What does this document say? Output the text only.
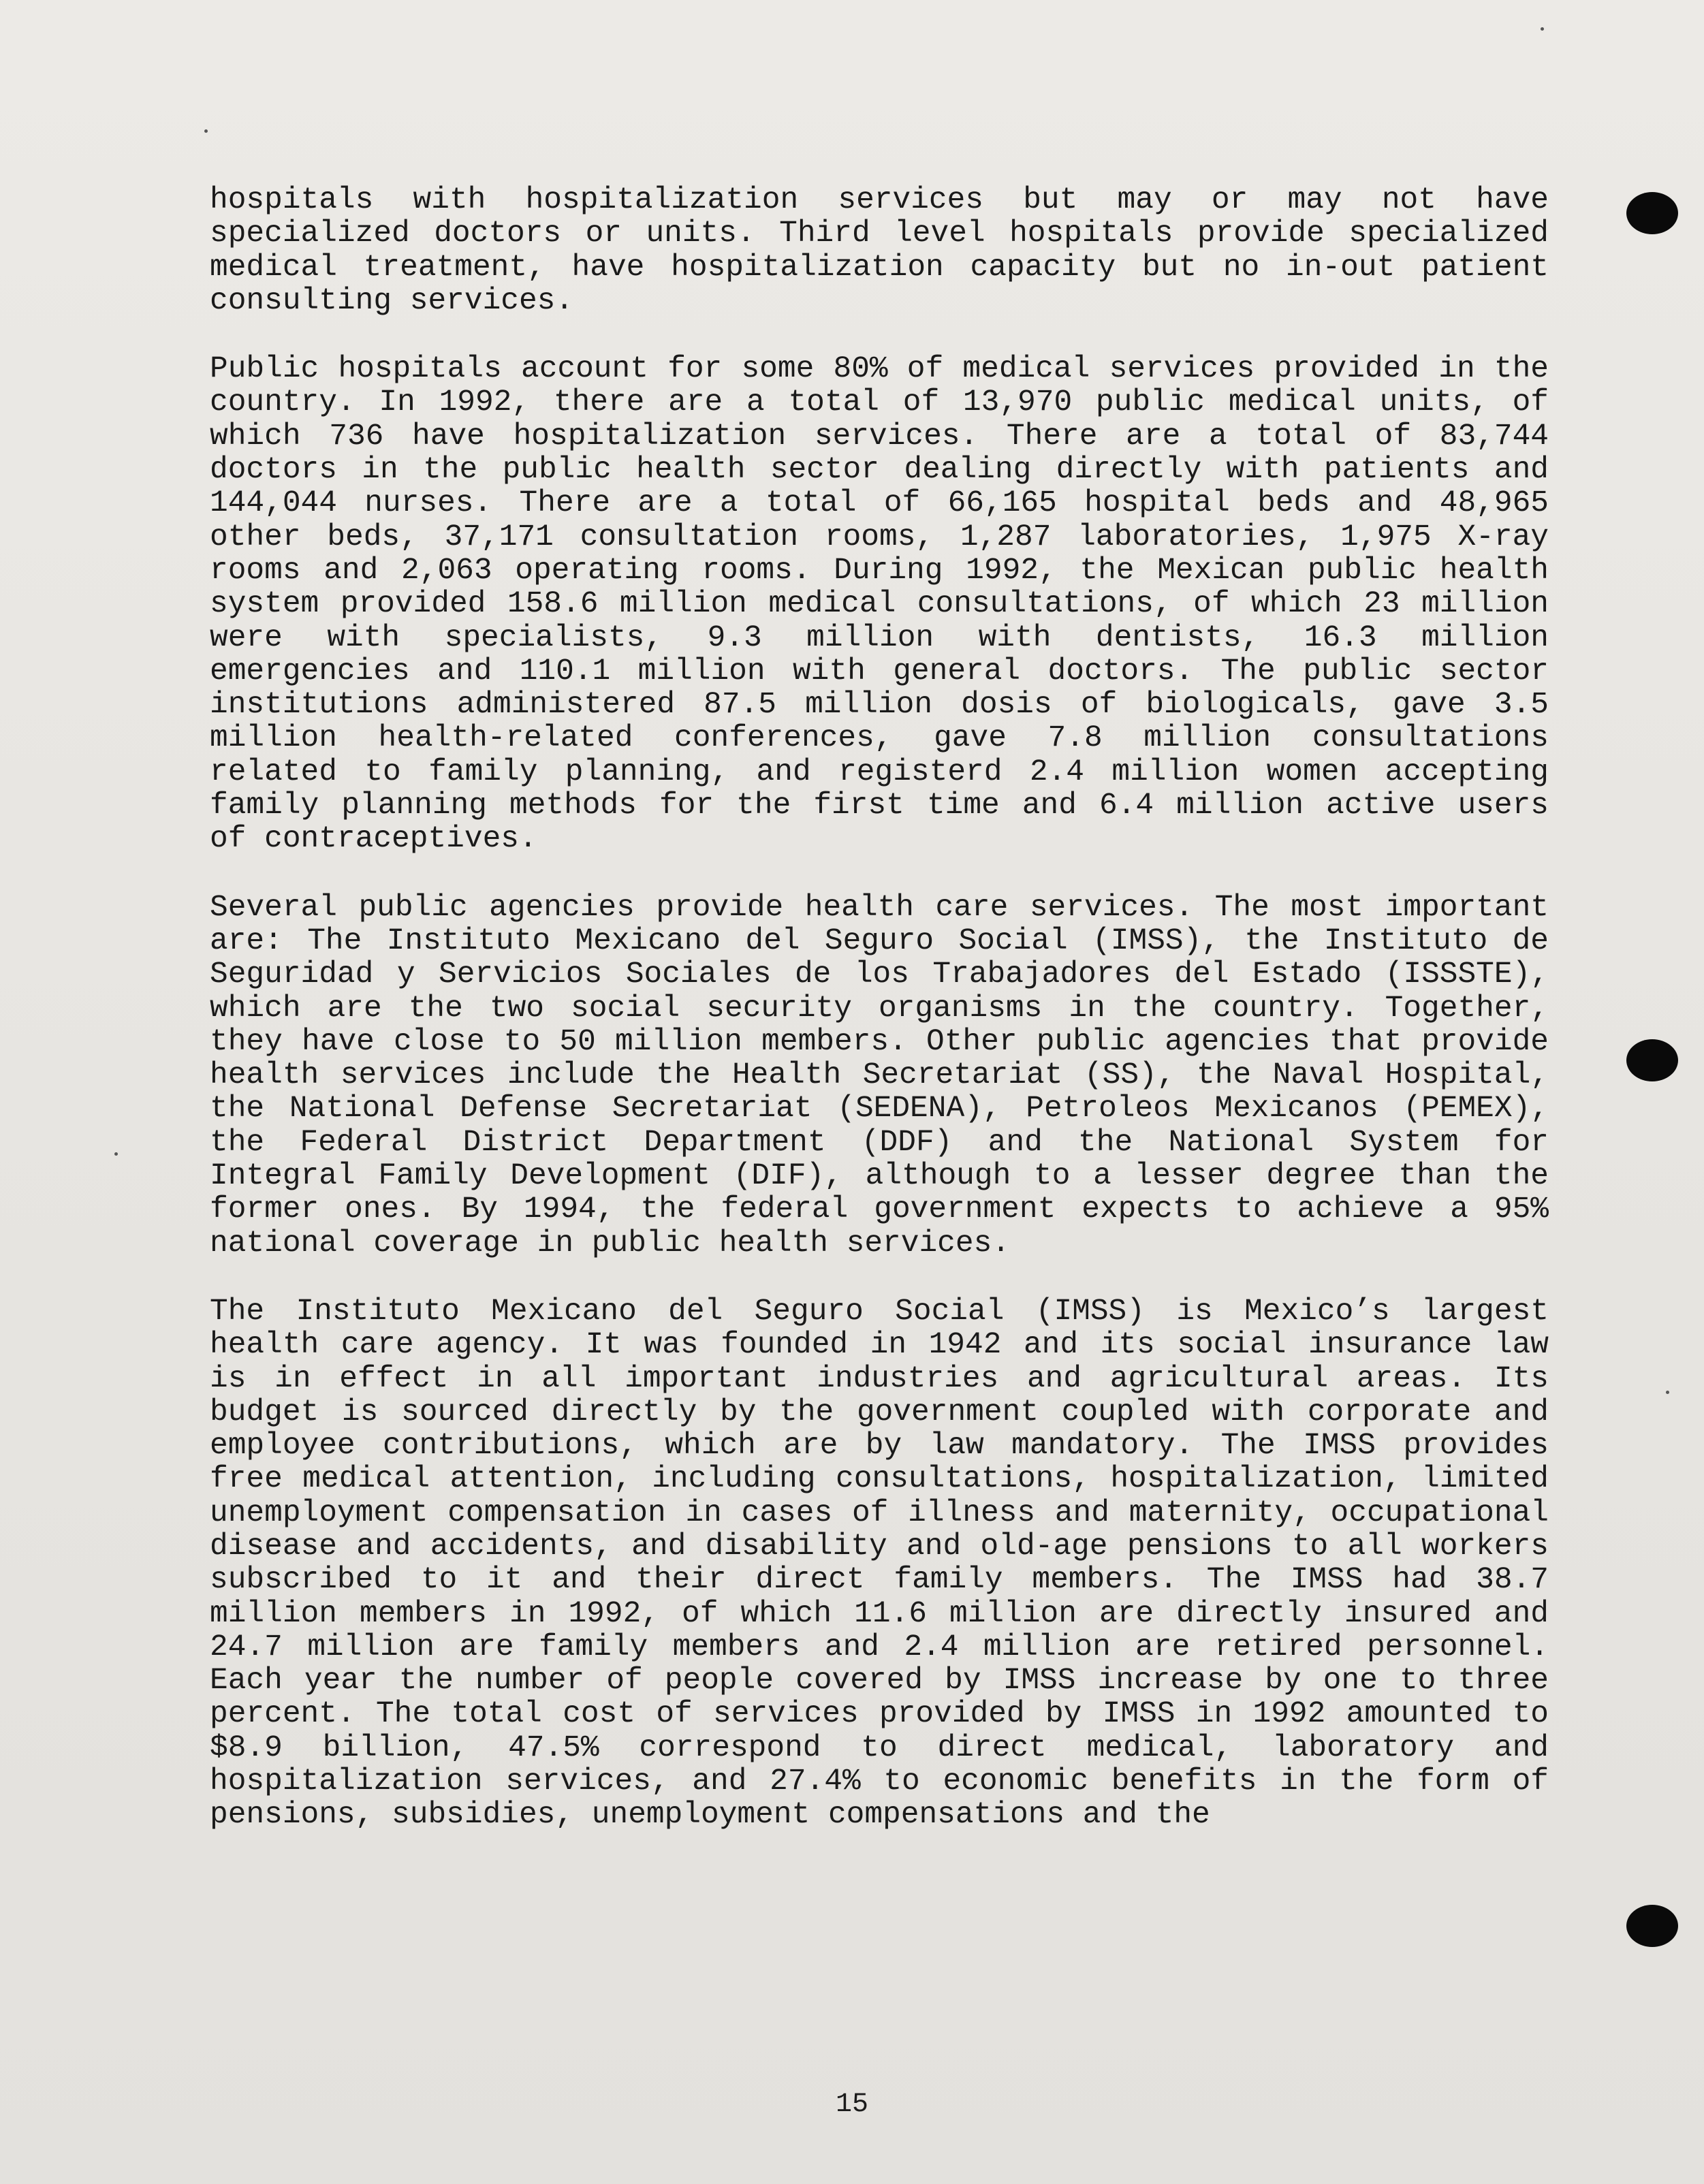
hospitals with hospitalization services but may or may not have specialized doctors or units. Third level hospitals provide specialized medical treatment, have hospitalization capacity but no in-out patient consulting services.

Public hospitals account for some 80% of medical services provided in the country. In 1992, there are a total of 13,970 public medical units, of which 736 have hospitalization services. There are a total of 83,744 doctors in the public health sector dealing directly with patients and 144,044 nurses. There are a total of 66,165 hospital beds and 48,965 other beds, 37,171 consultation rooms, 1,287 laboratories, 1,975 X-ray rooms and 2,063 operating rooms. During 1992, the Mexican public health system provided 158.6 million medical consultations, of which 23 million were with specialists, 9.3 million with dentists, 16.3 million emergencies and 110.1 million with general doctors. The public sector institutions administered 87.5 million dosis of biologicals, gave 3.5 million health-related conferences, gave 7.8 million consultations related to family planning, and registerd 2.4 million women accepting family planning methods for the first time and 6.4 million active users of contraceptives.

Several public agencies provide health care services. The most important are: The Instituto Mexicano del Seguro Social (IMSS), the Instituto de Seguridad y Servicios Sociales de los Trabajadores del Estado (ISSSTE), which are the two social security organisms in the country. Together, they have close to 50 million members. Other public agencies that provide health services include the Health Secretariat (SS), the Naval Hospital, the National Defense Secretariat (SEDENA), Petroleos Mexicanos (PEMEX), the Federal District Department (DDF) and the National System for Integral Family Development (DIF), although to a lesser degree than the former ones. By 1994, the federal government expects to achieve a 95% national coverage in public health services.

The Instituto Mexicano del Seguro Social (IMSS) is Mexico’s largest health care agency. It was founded in 1942 and its social insurance law is in effect in all important industries and agricultural areas. Its budget is sourced directly by the government coupled with corporate and employee contributions, which are by law mandatory. The IMSS provides free medical attention, including consultations, hospitalization, limited unemployment compensation in cases of illness and maternity, occupational disease and accidents, and disability and old-age pensions to all workers subscribed to it and their direct family members. The IMSS had 38.7 million members in 1992, of which 11.6 million are directly insured and 24.7 million are family members and 2.4 million are retired personnel. Each year the number of people covered by IMSS increase by one to three percent. The total cost of services provided by IMSS in 1992 amounted to $8.9 billion, 47.5% correspond to direct medical, laboratory and hospitalization services, and 27.4% to economic benefits in the form of pensions, subsidies, unemployment compensations and the

15
